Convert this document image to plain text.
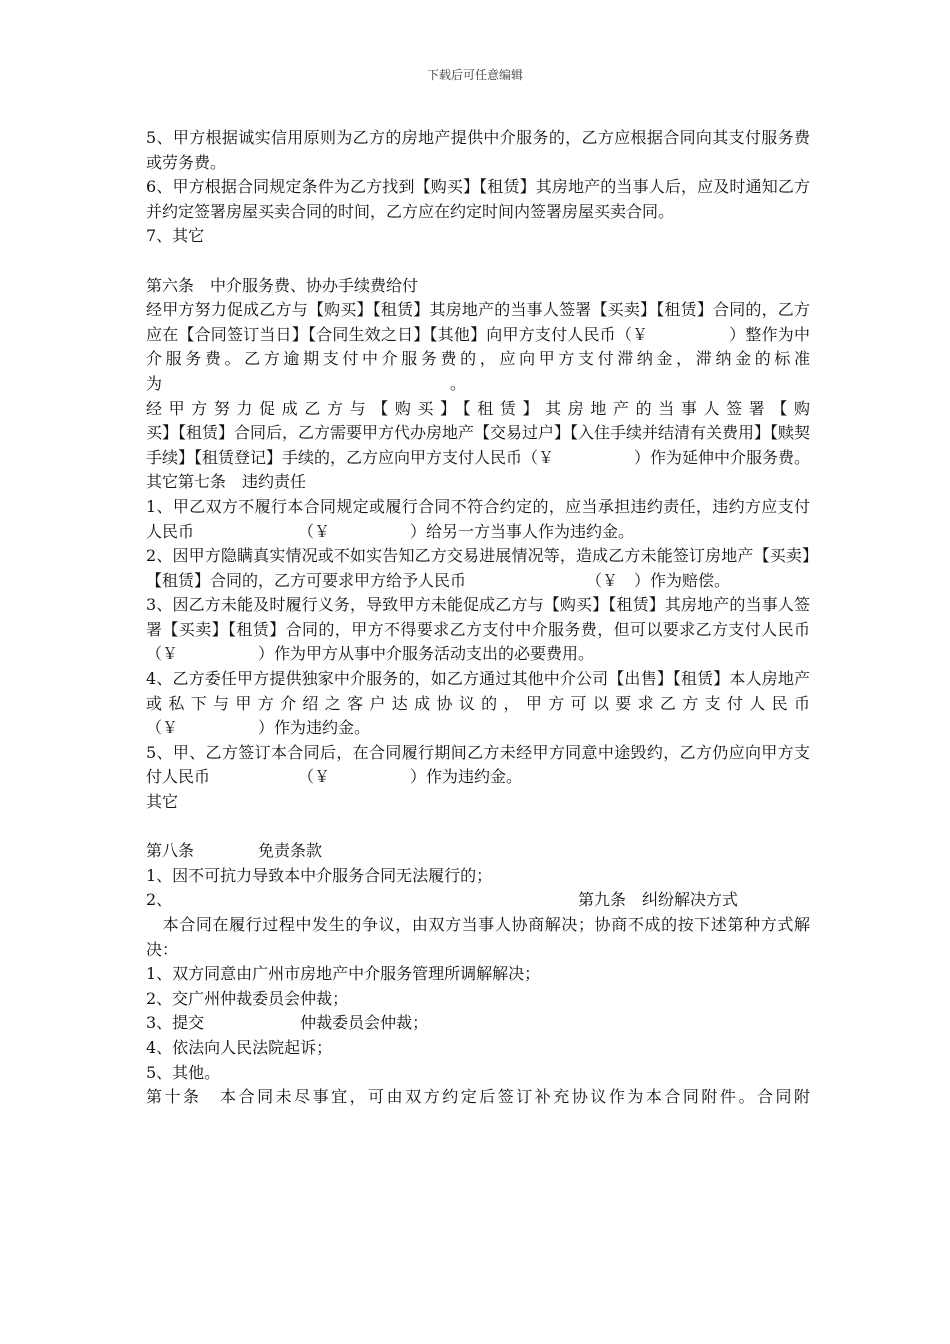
下载后可任意编辑

5、甲方根据诚实信用原则为乙方的房地产提供中介服务的，乙方应根据合同向其支付服务费或劳务费。

6、甲方根据合同规定条件为乙方找到【购买】【租赁】其房地产的当事人后，应及时通知乙方并约定签署房屋买卖合同的时间，乙方应在约定时间内签署房屋买卖合同。

7、其它

第六条　中介服务费、协办手续费给付

经甲方努力促成乙方与【购买】【租赁】其房地产的当事人签署【买卖】【租赁】合同的，乙方应在【合同签订当日】【合同生效之日】【其他】向甲方支付人民币（￥　　　　　）整作为中介服务费。乙方逾期支付中介服务费的，应向甲方支付滞纳金，滞纳金的标准为　　　　　　　　　　　　　　　　　　。

经甲方努力促成乙方与【购买】【租赁】其房地产的当事人签署【购

买】【租赁】合同后，乙方需要甲方代办房地产【交易过户】【入住手续并结清有关费用】【赎契手续】【租赁登记】手续的，乙方应向甲方支付人民币（￥　　　　　）作为延伸中介服务费。

其它第七条　违约责任

1、甲乙双方不履行本合同规定或履行合同不符合约定的，应当承担违约责任，违约方应支付人民币　　　　　　　（￥　　　　　）给另一方当事人作为违约金。

2、因甲方隐瞒真实情况或不如实告知乙方交易进展情况等，造成乙方未能签订房地产【买卖】【租赁】合同的，乙方可要求甲方给予人民币　　　　　　　　（￥　）作为赔偿。

3、因乙方未能及时履行义务，导致甲方未能促成乙方与【购买】【租赁】其房地产的当事人签署【买卖】【租赁】合同的，甲方不得要求乙方支付中介服务费，但可以要求乙方支付人民币　　　　　　　（￥　　　　　）作为甲方从事中介服务活动支出的必要费用。

4、乙方委任甲方提供独家中介服务的，如乙方通过其他中介公司【出售】【租赁】本人房地产或私下与甲方介绍之客户达成协议的，甲方可以要求乙方支付人民币　　　　　　（￥　　　　　）作为违约金。

5、甲、乙方签订本合同后，在合同履行期间乙方未经甲方同意中途毁约，乙方仍应向甲方支付人民币　　　　　　（￥　　　　　）作为违约金。

其它

第八条　　　　免责条款

1、因不可抗力导致本中介服务合同无法履行的；

2、	第九条　纠纷解决方式

　本合同在履行过程中发生的争议，由双方当事人协商解决；协商不成的按下述第种方式解决：

1、双方同意由广州市房地产中介服务管理所调解解决；

2、交广州仲裁委员会仲裁；

3、提交　　　　　　仲裁委员会仲裁；

4、依法向人民法院起诉；

5、其他。

第十条　本合同未尽事宜，可由双方约定后签订补充协议作为本合同附件。合同附
